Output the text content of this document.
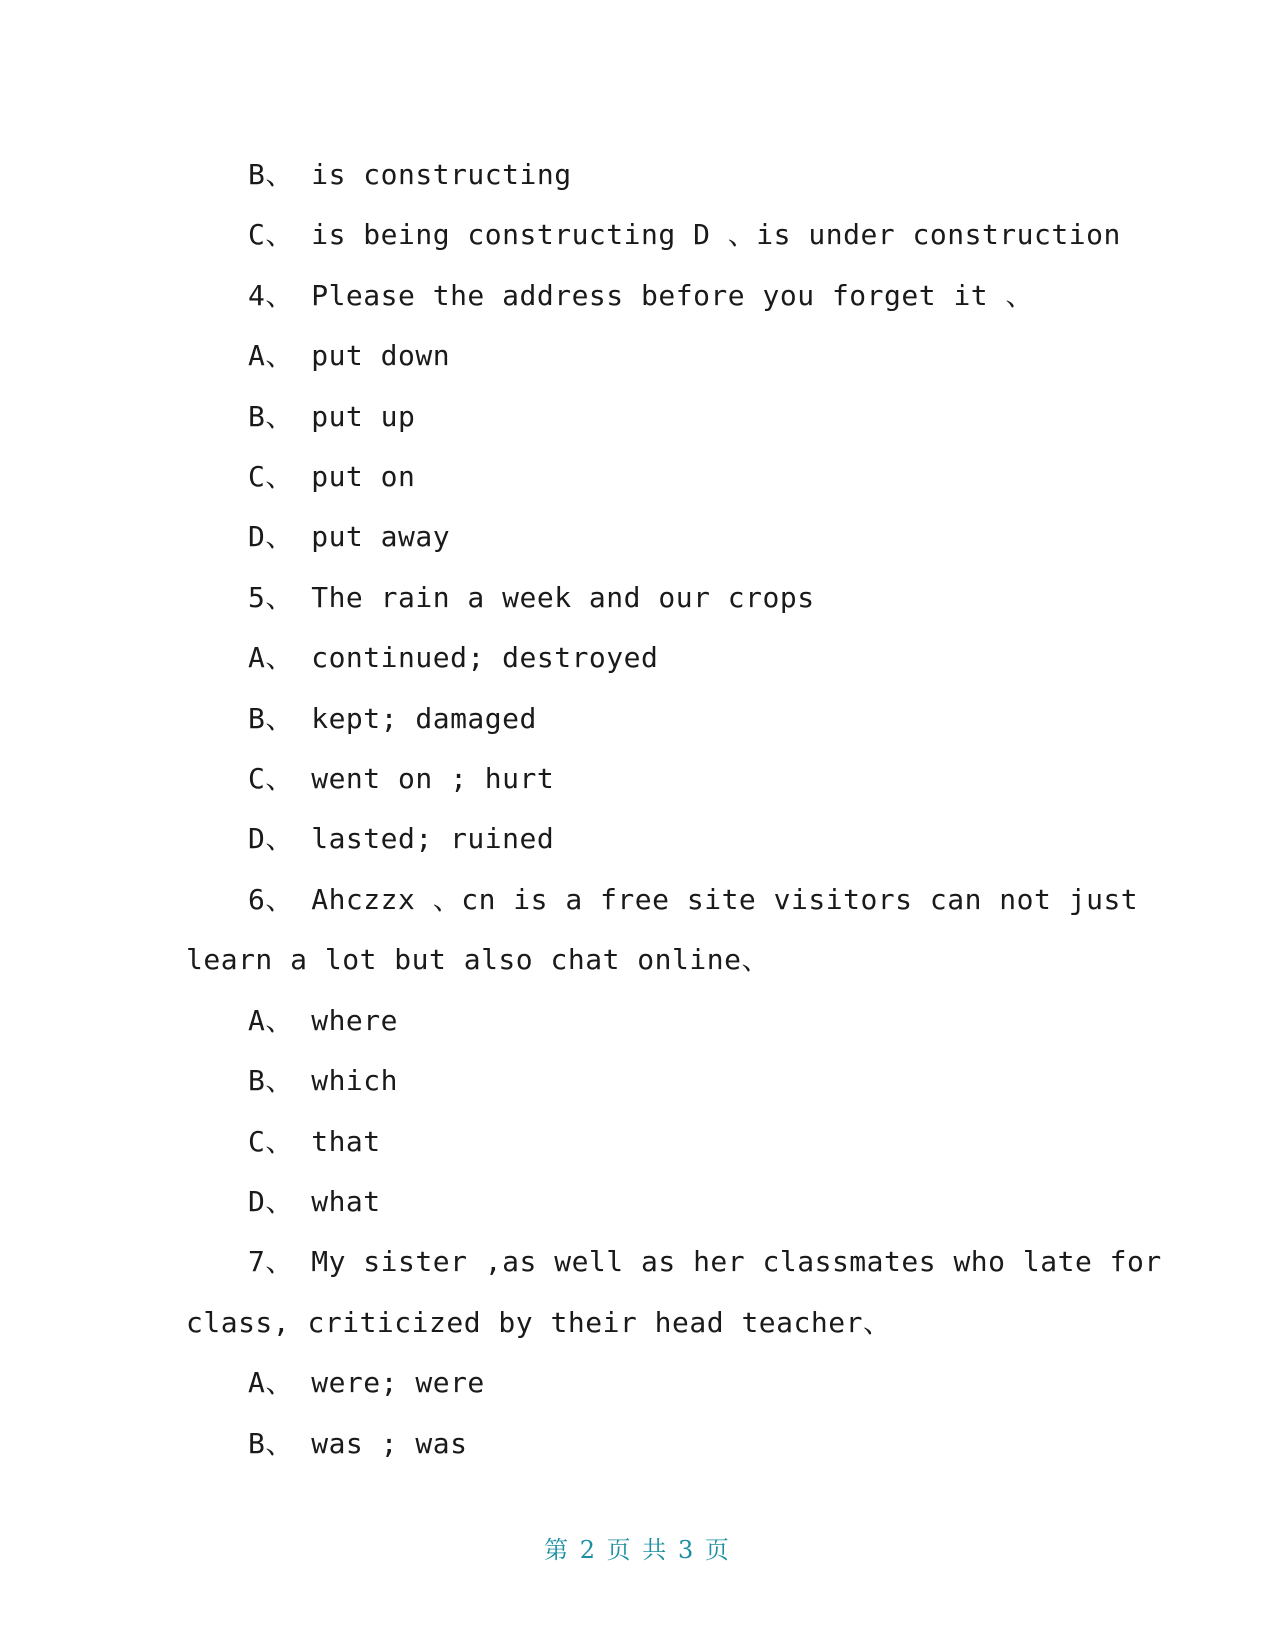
B、 is constructing
C、 is being constructing D 、is under construction
4、 Please the address before you forget it 、
A、 put down
B、 put up
C、 put on
D、 put away
5、 The rain a week and our crops
A、 continued; destroyed
B、 kept; damaged
C、 went on ; hurt
D、 lasted; ruined
6、 Ahczzx 、cn is a free site visitors can not just
learn a lot but also chat online、
A、 where
B、 which
C、 that
D、 what
7、 My sister ,as well as her classmates who late for
class, criticized by their head teacher、
A、 were; were
B、 was ; was
第 2 页 共 3 页
